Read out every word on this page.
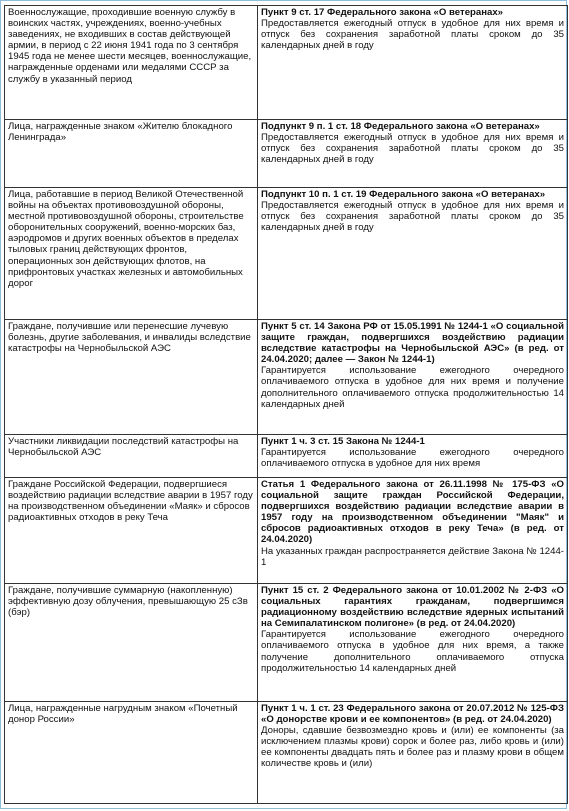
Военнослужащие, проходившие военную службу в воинских частях, учреждениях, военно-учебных заведениях, не входивших в состав действующей армии, в период с 22 июня 1941 года по 3 сентября 1945 года не менее шести месяцев, военнослужащие, награжденные орденами или медалями СССР за службу в указанный период	Пункт 9 ст. 17 Федерального закона «О ветеранах»
Предоставляется ежегодный отпуск в удобное для них время и отпуск без сохранения заработной платы сроком до 35 календарных дней в году

Лица, награжденные знаком «Жителю блокадного Ленинграда»	Подпункт 9 п. 1 ст. 18 Федерального закона «О ветеранах»
Предоставляется ежегодный отпуск в удобное для них время и отпуск без сохранения заработной платы сроком до 35 календарных дней в году

Лица, работавшие в период Великой Отечественной войны на объектах противовоздушной обороны, местной противовоздушной обороны, строительстве оборонительных сооружений, военно-морских баз, аэродромов и других военных объектов в пределах тыловых границ действующих фронтов, операционных зон действующих флотов, на прифронтовых участках железных и автомобильных дорог	Подпункт 10 п. 1 ст. 19 Федерального закона «О ветеранах»
Предоставляется ежегодный отпуск в удобное для них время и отпуск без сохранения заработной платы сроком до 35 календарных дней в году

Граждане, получившие или перенесшие лучевую болезнь, другие заболевания, и инвалиды вследствие катастрофы на Чернобыльской АЭС	Пункт 5 ст. 14 Закона РФ от 15.05.1991 № 1244-1 «О социальной защите граждан, подвергшихся воздействию радиации вследствие катастрофы на Чернобыльской АЭС» (в ред. от 24.04.2020; далее — Закон № 1244-1)
Гарантируется использование ежегодного очередного оплачиваемого отпуска в удобное для них время и получение дополнительного оплачиваемого отпуска продолжительностью 14 календарных дней

Участники ликвидации последствий катастрофы на Чернобыльской АЭС	Пункт 1 ч. 3 ст. 15 Закона № 1244-1
Гарантируется использование ежегодного очередного оплачиваемого отпуска в удобное для них время

Граждане Российской Федерации, подвергшиеся воздействию радиации вследствие аварии в 1957 году на производственном объединении «Маяк» и сбросов радиоактивных отходов в реку Теча	Статья 1 Федерального закона от 26.11.1998 № 175-ФЗ «О социальной защите граждан Российской Федерации, подвергшихся воздействию радиации вследствие аварии в 1957 году на производственном объединении "Маяк" и сбросов радиоактивных отходов в реку Теча» (в ред. от 24.04.2020)
На указанных граждан распространяется действие Закона № 1244-1

Граждане, получившие суммарную (накопленную) эффективную дозу облучения, превышающую 25 сЗв (бэр)	Пункт 15 ст. 2 Федерального закона от 10.01.2002 № 2-ФЗ «О социальных гарантиях гражданам, подвергшимся радиационному воздействию вследствие ядерных испытаний на Семипалатинском полигоне» (в ред. от 24.04.2020)
Гарантируется использование ежегодного очередного оплачиваемого отпуска в удобное для них время, а также получение дополнительного оплачиваемого отпуска продолжительностью 14 календарных дней

Лица, награжденные нагрудным знаком «Почетный донор России»	Пункт 1 ч. 1 ст. 23 Федерального закона от 20.07.2012 № 125-ФЗ «О донорстве крови и ее компонентов» (в ред. от 24.04.2020)
Доноры, сдавшие безвозмездно кровь и (или) ее компоненты (за исключением плазмы крови) сорок и более раз, либо кровь и (или) ее компоненты двадцать пять и более раз и плазму крови в общем количестве кровь и (или)
